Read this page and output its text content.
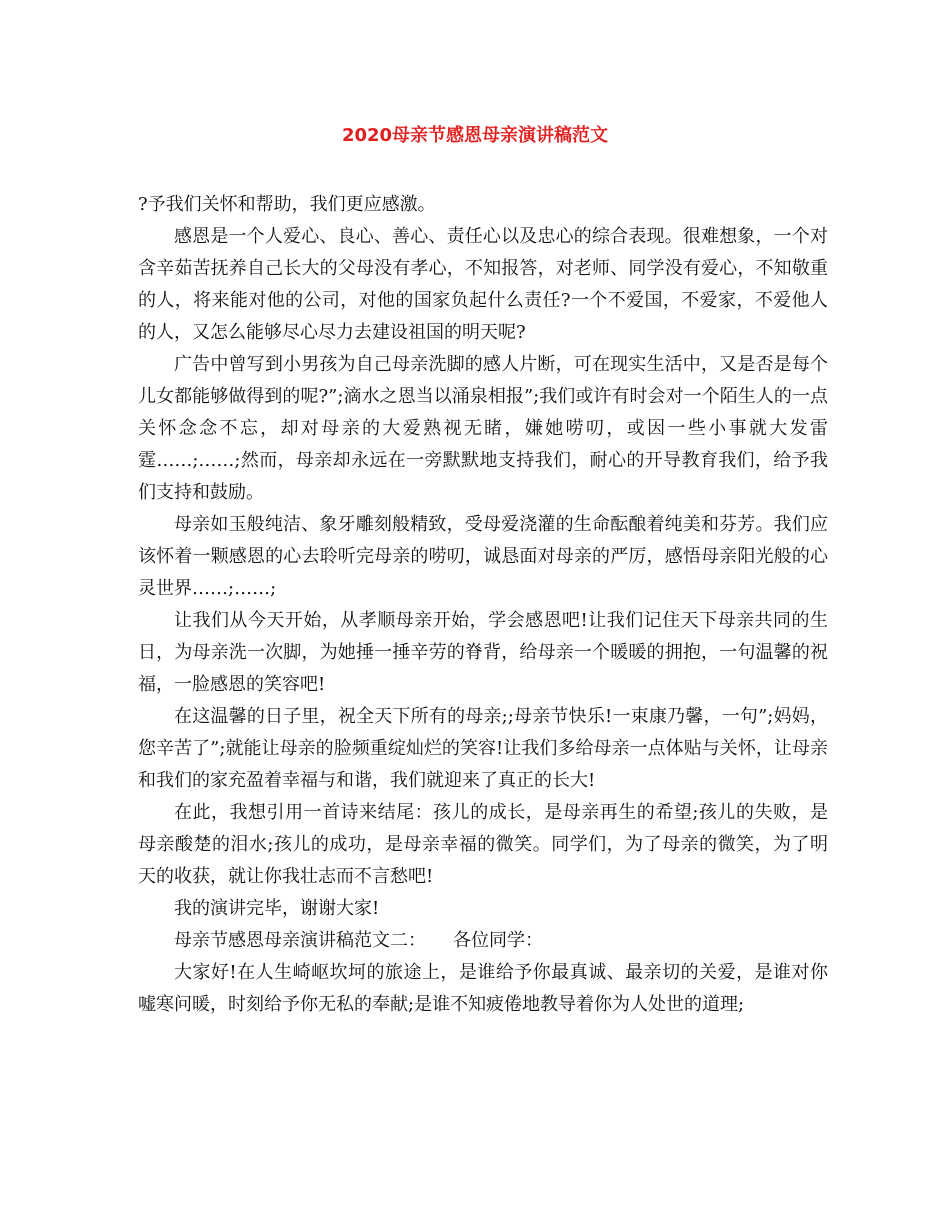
2020母亲节感恩母亲演讲稿范文

?予我们关怀和帮助，我们更应感激。

感恩是一个人爱心、良心、善心、责任心以及忠心的综合表现。很难想象，一个对含辛茹苦抚养自己长大的父母没有孝心，不知报答，对老师、同学没有爱心，不知敬重的人，将来能对他的公司，对他的国家负起什么责任?一个不爱国，不爱家，不爱他人的人，又怎么能够尽心尽力去建设祖国的明天呢?

广告中曾写到小男孩为自己母亲洗脚的感人片断，可在现实生活中，又是否是每个儿女都能够做得到的呢?”;滴水之恩当以涌泉相报”;我们或许有时会对一个陌生人的一点关怀念念不忘，却对母亲的大爱熟视无睹，嫌她唠叨，或因一些小事就大发雷霆……;……;然而，母亲却永远在一旁默默地支持我们，耐心的开导教育我们，给予我们支持和鼓励。

母亲如玉般纯洁、象牙雕刻般精致，受母爱浇灌的生命酝酿着纯美和芬芳。我们应该怀着一颗感恩的心去聆听完母亲的唠叨，诚恳面对母亲的严厉，感悟母亲阳光般的心灵世界……;……;

让我们从今天开始，从孝顺母亲开始，学会感恩吧!让我们记住天下母亲共同的生日，为母亲洗一次脚，为她捶一捶辛劳的脊背，给母亲一个暖暖的拥抱，一句温馨的祝福，一脸感恩的笑容吧!

在这温馨的日子里，祝全天下所有的母亲;;母亲节快乐!一束康乃馨，一句”;妈妈，您辛苦了”;就能让母亲的脸频重绽灿烂的笑容!让我们多给母亲一点体贴与关怀，让母亲和我们的家充盈着幸福与和谐，我们就迎来了真正的长大!

在此，我想引用一首诗来结尾：孩儿的成长，是母亲再生的希望;孩儿的失败，是母亲酸楚的泪水;孩儿的成功，是母亲幸福的微笑。同学们，为了母亲的微笑，为了明天的收获，就让你我壮志而不言愁吧!

我的演讲完毕，谢谢大家!

母亲节感恩母亲演讲稿范文二：　　各位同学：

大家好!在人生崎岖坎坷的旅途上，是谁给予你最真诚、最亲切的关爱，是谁对你嘘寒问暖，时刻给予你无私的奉献;是谁不知疲倦地教导着你为人处世的道理;
